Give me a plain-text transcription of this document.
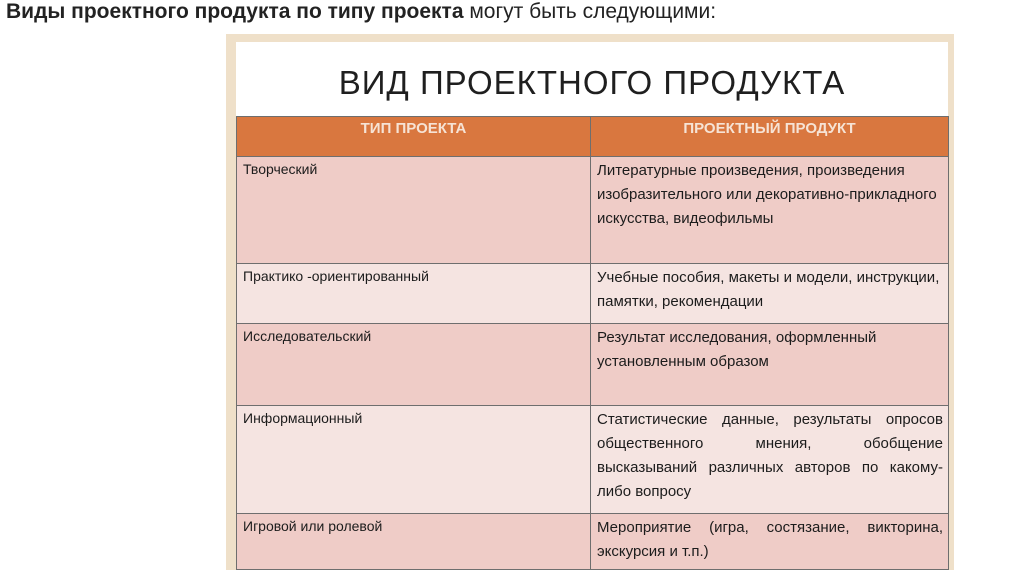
Виды проектного продукта по типу проекта могут быть следующими:
ВИД ПРОЕКТНОГО ПРОДУКТА
ТИП ПРОЕКТА	ПРОЕКТНЫЙ ПРОДУКТ
Творческий	Литературные произведения, произведения изобразительного или декоративно-прикладного искусства, видеофильмы
Практико -ориентированный	Учебные пособия, макеты и модели, инструкции, памятки, рекомендации
Исследовательский	Результат исследования, оформленный установленным образом
Информационный	Статистические данные, результаты опросов общественного мнения, обобщение высказываний различных авторов по какому-либо вопросу
Игровой или ролевой	Мероприятие (игра, состязание, викторина, экскурсия и т.п.)
